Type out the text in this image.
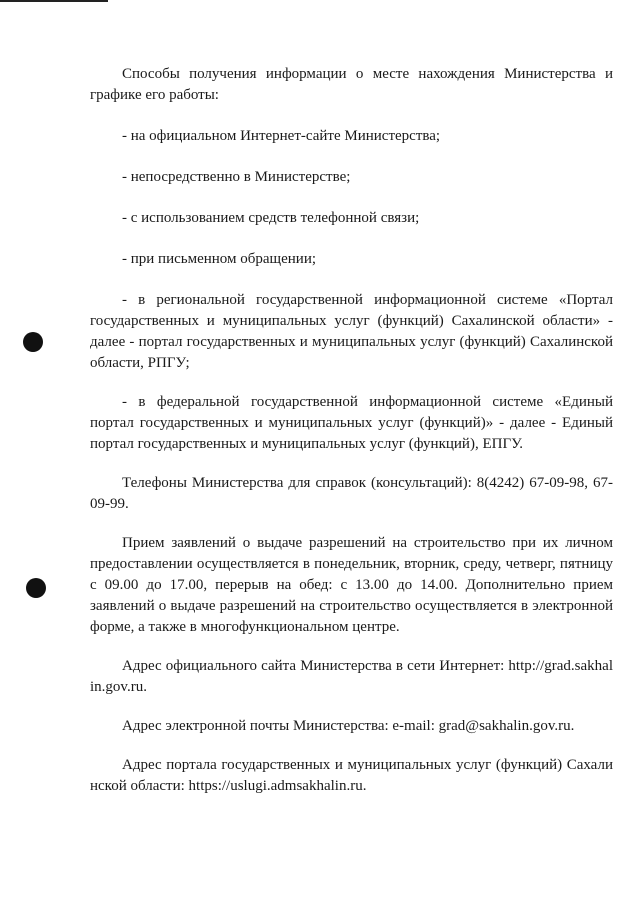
Способы получения информации о месте нахождения Министерства и графике его работы:

- на официальном Интернет-сайте Министерства;

- непосредственно в Министерстве;

- с использованием средств телефонной связи;

- при письменном обращении;

- в региональной государственной информационной системе «Портал государственных и муниципальных услуг (функций) Сахалинской области» - далее - портал государственных и муниципальных услуг (функций) Сахалинской области, РПГУ;

- в федеральной государственной информационной системе «Единый портал государственных и муниципальных услуг (функций)» - далее - Единый портал государственных и муниципальных услуг (функций), ЕПГУ.

Телефоны Министерства для справок (консультаций): 8(4242) 67-09-98, 67-09-99.

Прием заявлений о выдаче разрешений на строительство при их личном предоставлении осуществляется в понедельник, вторник, среду, четверг, пятницу с 09.00 до 17.00, перерыв на обед: с 13.00 до 14.00. Дополнительно прием заявлений о выдаче разрешений на строительство осуществляется в электронной форме, а также в многофункциональном центре.

Адрес официального сайта Министерства в сети Интернет: http://grad.sakhalin.gov.ru.

Адрес электронной почты Министерства: e-mail: grad@sakhalin.gov.ru.

Адрес портала государственных и муниципальных услуг (функций) Сахалинской области: https://uslugi.admsakhalin.ru.
